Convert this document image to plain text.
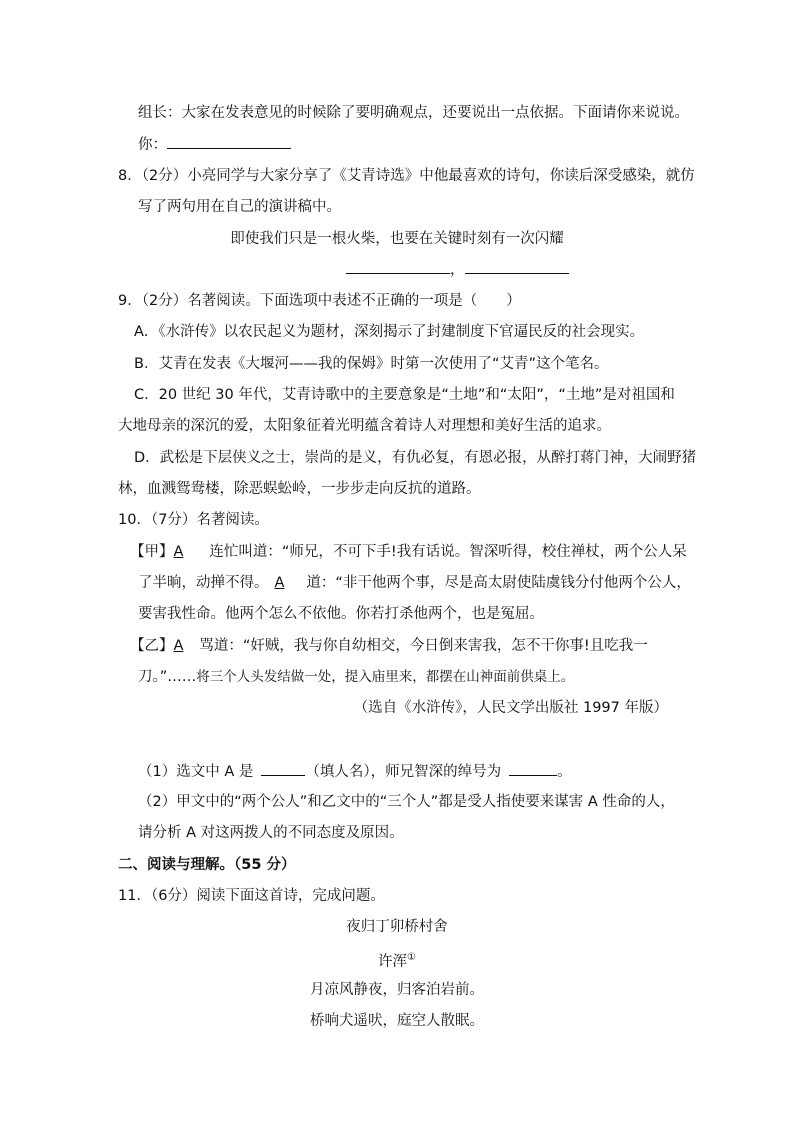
组长：大家在发表意见的时候除了要明确观点，还要说出一点依据。下面请你来说说。
你：
8．（2分）小亮同学与大家分享了《艾青诗选》中他最喜欢的诗句，你读后深受感染，就仿
写了两句用在自己的演讲稿中。
即使我们只是一根火柴，也要在关键时刻有一次闪耀
，
9．（2分）名著阅读。下面选项中表述不正确的一项是（　　）
A．《水浒传》以农民起义为题材，深刻揭示了封建制度下官逼民反的社会现实。
B．艾青在发表《大堰河——我的保姆》时第一次使用了“艾青”这个笔名。
C．20 世纪 30 年代，艾青诗歌中的主要意象是“土地”和“太阳”，“土地”是对祖国和
大地母亲的深沉的爱，太阳象征着光明蕴含着诗人对理想和美好生活的追求。
D．武松是下层侠义之士，崇尚的是义，有仇必复，有恩必报，从醉打蒋门神，大闹野猪
林，血溅鸳鸯楼，除恶蜈蚣岭，一步步走向反抗的道路。
10．（7分）名著阅读。
【甲】A 连忙叫道：“师兄，不可下手!我有话说。智深听得，校住禅杖，两个公人呆
了半晌，动掸不得。 A 道：“非干他两个事，尽是高太尉使陆虞钱分付他两个公人，
要害我性命。他两个怎么不依他。你若打杀他两个，也是冤屈。
【乙】A 骂道：“奸贼，我与你自幼相交，今日倒来害我，怎不干你事!且吃我一
刀。”……将三个人头发结做一处，提入庙里来，都摆在山神面前供桌上。
（选自《水浒传》，人民文学出版社 1997 年版）
（1）选文中 A 是	（填人名），师兄智深的绰号为	。
（2）甲文中的“两个公人”和乙文中的“三个人”都是受人指使要来谋害 A 性命的人，
请分析 A 对这两拨人的不同态度及原因。
二、阅读与理解。（55 分）
11．（6分）阅读下面这首诗，完成问题。
夜归丁卯桥村舍
许浑①
月凉风静夜，归客泊岩前。
桥响犬遥吠，庭空人散眠。
